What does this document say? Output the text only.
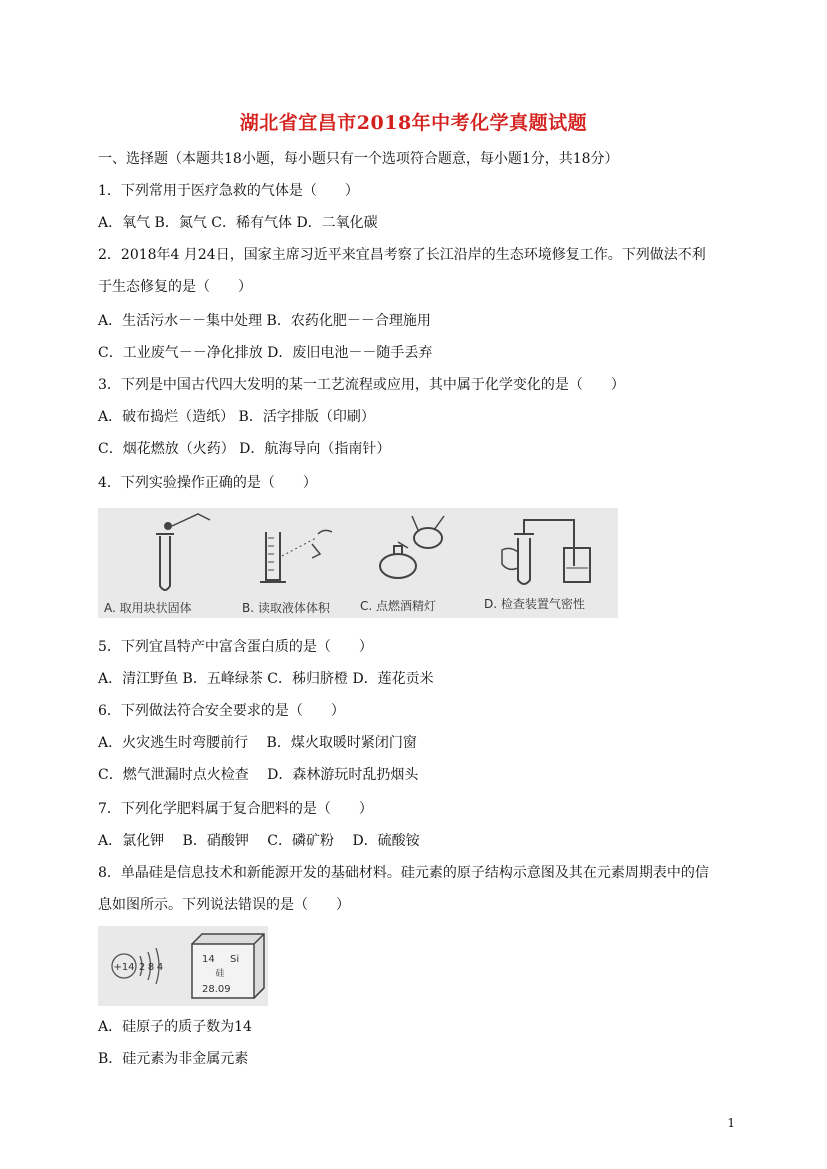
湖北省宜昌市2018年中考化学真题试题
一、选择题（本题共18小题，每小题只有一个选项符合题意，每小题1分，共18分）
1．下列常用于医疗急救的气体是（　　）
A．氧气 B．氮气 C．稀有气体 D．二氧化碳
2．2018年4 月24日，国家主席习近平来宜昌考察了长江沿岸的生态环境修复工作。下列做法不利
于生态修复的是（　　）
A．生活污水－－集中处理 B．农药化肥－－合理施用
C．工业废气－－净化排放 D．废旧电池－－随手丢弃
3．下列是中国古代四大发明的某一工艺流程或应用，其中属于化学变化的是（　　）
A．破布捣烂（造纸） B．活字排版（印刷）
C．烟花燃放（火药） D．航海导向（指南针）
4．下列实验操作正确的是（　　）
A. 取用块状固体	B. 读取液体体积	C. 点燃酒精灯	D. 检查装置气密性
5．下列宜昌特产中富含蛋白质的是（　　）
A．清江野鱼 B．五峰绿茶 C．秭归脐橙 D．莲花贡米
6．下列做法符合安全要求的是（　　）
A．火灾逃生时弯腰前行　 B．煤火取暖时紧闭门窗
C．燃气泄漏时点火检查　 D．森林游玩时乱扔烟头
7．下列化学肥料属于复合肥料的是（　　）
A．氯化钾　 B．硝酸钾　 C．磷矿粉　 D．硫酸铵
8．单晶硅是信息技术和新能源开发的基础材料。硅元素的原子结构示意图及其在元素周期表中的信
息如图所示。下列说法错误的是（　　）
+14 2 8 4
14 Si
硅
28.09
A．硅原子的质子数为14
B．硅元素为非金属元素
1
